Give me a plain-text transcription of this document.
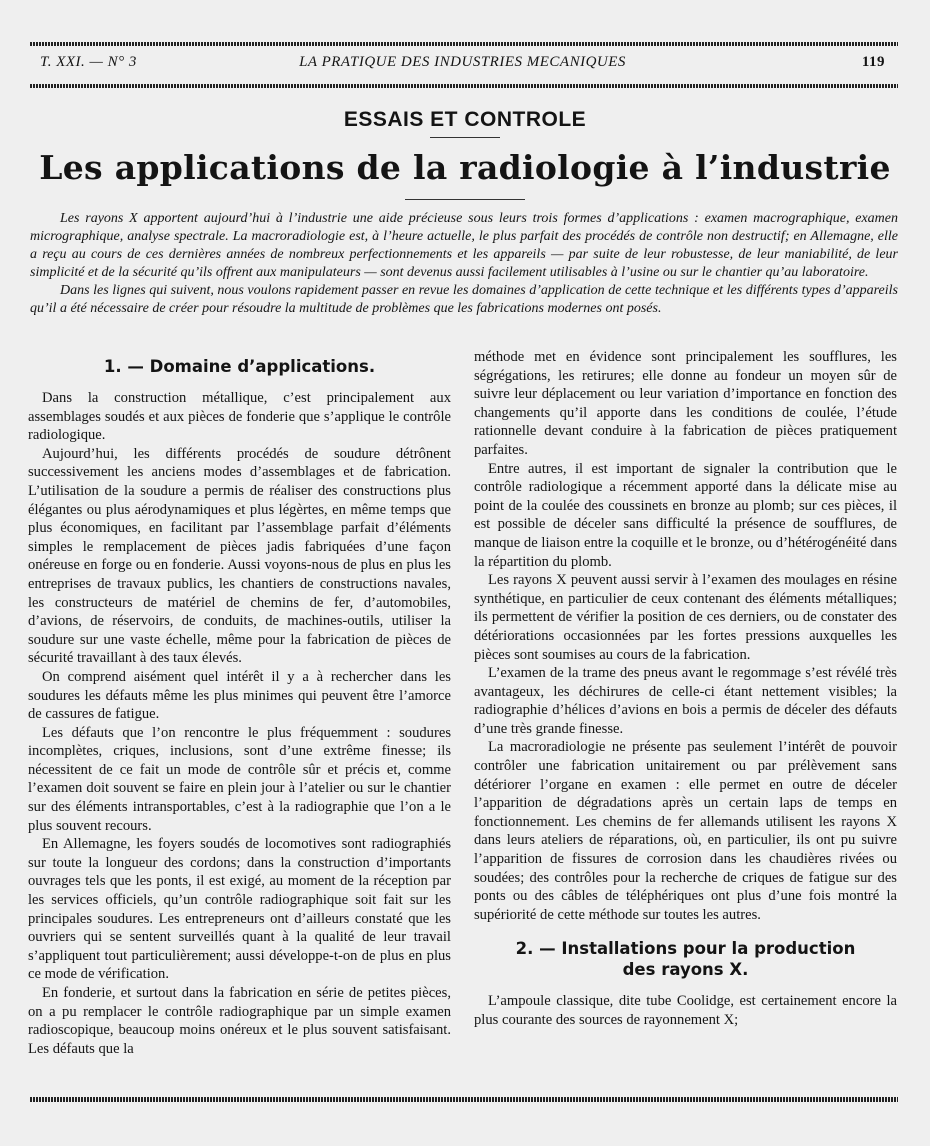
T. XXI. — N° 3	LA PRATIQUE DES INDUSTRIES MECANIQUES	119
ESSAIS ET CONTROLE
Les applications de la radiologie à l’industrie

Les rayons X apportent aujourd’hui à l’industrie une aide précieuse sous leurs trois formes d’applications : examen macrographique, examen micrographique, analyse spectrale. La macroradiologie est, à l’heure actuelle, le plus parfait des procédés de contrôle non destructif; en Allemagne, elle a reçu au cours de ces dernières années de nombreux perfectionnements et les appareils — par suite de leur robustesse, de leur maniabilité, de leur simplicité et de la sécurité qu’ils offrent aux manipulateurs — sont devenus aussi facilement utilisables à l’usine ou sur le chantier qu’au laboratoire.

Dans les lignes qui suivent, nous voulons rapidement passer en revue les domaines d’application de cette technique et les différents types d’appareils qu’il a été nécessaire de créer pour résoudre la multitude de problèmes que les fabrications modernes ont posés.

1. — Domaine d’applications.

Dans la construction métallique, c’est principalement aux assemblages soudés et aux pièces de fonderie que s’applique le contrôle radiologique.

Aujourd’hui, les différents procédés de soudure détrônent successivement les anciens modes d’assemblages et de fabrication. L’utilisation de la soudure a permis de réaliser des constructions plus élégantes ou plus aérodynamiques et plus légèrtes, en même temps que plus économiques, en facilitant par l’assemblage parfait d’éléments simples le remplacement de pièces jadis fabriquées d’une façon onéreuse en forge ou en fonderie. Aussi voyons-nous de plus en plus les entreprises de travaux publics, les chantiers de constructions navales, les constructeurs de matériel de chemins de fer, d’automobiles, d’avions, de réservoirs, de conduits, de machines-outils, utiliser la soudure sur une vaste échelle, même pour la fabrication de pièces de sécurité travaillant à des taux élevés.

On comprend aisément quel intérêt il y a à rechercher dans les soudures les défauts même les plus minimes qui peuvent être l’amorce de cassures de fatigue.

Les défauts que l’on rencontre le plus fréquemment : soudures incomplètes, criques, inclusions, sont d’une extrême finesse; ils nécessitent de ce fait un mode de contrôle sûr et précis et, comme l’examen doit souvent se faire en plein jour à l’atelier ou sur le chantier sur des éléments intransportables, c’est à la radiographie que l’on a le plus souvent recours.

En Allemagne, les foyers soudés de locomotives sont radiographiés sur toute la longueur des cordons; dans la construction d’importants ouvrages tels que les ponts, il est exigé, au moment de la réception par les services officiels, qu’un contrôle radiographique soit fait sur les principales soudures. Les entrepreneurs ont d’ailleurs constaté que les ouvriers qui se sentent surveillés quant à la qualité de leur travail s’appliquent tout particulièrement; aussi développe-t-on de plus en plus ce mode de vérification.

En fonderie, et surtout dans la fabrication en série de petites pièces, on a pu remplacer le contrôle radiographique par un simple examen radioscopique, beaucoup moins onéreux et le plus souvent satisfaisant. Les défauts que la

méthode met en évidence sont principalement les soufflures, les ségrégations, les retirures; elle donne au fondeur un moyen sûr de suivre leur déplacement ou leur variation d’importance en fonction des changements qu’il apporte dans les conditions de coulée, l’étude rationnelle devant conduire à la fabrication de pièces pratiquement parfaites.

Entre autres, il est important de signaler la contribution que le contrôle radiologique a récemment apporté dans la délicate mise au point de la coulée des coussinets en bronze au plomb; sur ces pièces, il est possible de déceler sans difficulté la présence de soufflures, de manque de liaison entre la coquille et le bronze, ou d’hétérogénéité dans la répartition du plomb.

Les rayons X peuvent aussi servir à l’examen des moulages en résine synthétique, en particulier de ceux contenant des éléments métalliques; ils permettent de vérifier la position de ces derniers, ou de constater des détériorations occasionnées par les fortes pressions auxquelles les pièces sont soumises au cours de la fabrication.

L’examen de la trame des pneus avant le regommage s’est révélé très avantageux, les déchirures de celle-ci étant nettement visibles; la radiographie d’hélices d’avions en bois a permis de déceler des défauts d’une très grande finesse.

La macroradiologie ne présente pas seulement l’intérêt de pouvoir contrôler une fabrication unitairement ou par prélèvement sans détériorer l’organe en examen : elle permet en outre de déceler l’apparition de dégradations après un certain laps de temps en fonctionnement. Les chemins de fer allemands utilisent les rayons X dans leurs ateliers de réparations, où, en particulier, ils ont pu suivre l’apparition de fissures de corrosion dans les chaudières rivées ou soudées; des contrôles pour la recherche de criques de fatigue sur des ponts ou des câbles de téléphériques ont plus d’une fois montré la supériorité de cette méthode sur toutes les autres.

2. — Installations pour la production
des rayons X.

L’ampoule classique, dite tube Coolidge, est certainement encore la plus courante des sources de rayonnement X;
